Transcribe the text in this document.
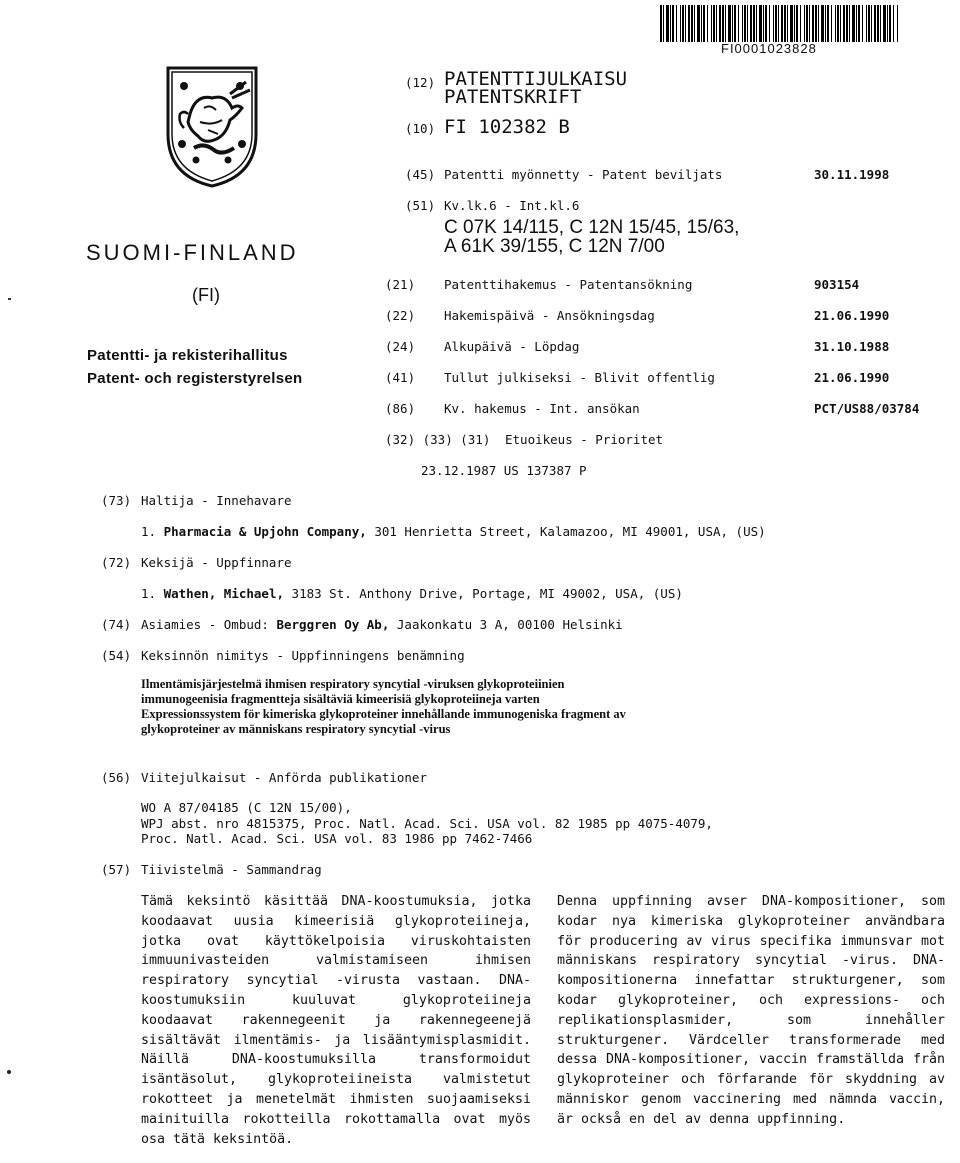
FI0001023828
SUOMI-FINLAND
(FI)
Patentti- ja rekisterihallitus
Patent- och registerstyrelsen
(12) PATENTTIJULKAISU
PATENTSKRIFT
(10) FI 102382 B
(45) Patentti myönnetty - Patent beviljats	30.11.1998
(51) Kv.lk.6 - Int.kl.6
C 07K 14/115, C 12N 15/45, 15/63,
A 61K 39/155, C 12N 7/00
(21) Patenttihakemus - Patentansökning	903154
(22) Hakemispäivä - Ansökningsdag	21.06.1990
(24) Alkupäivä - Löpdag	31.10.1988
(41) Tullut julkiseksi - Blivit offentlig	21.06.1990
(86) Kv. hakemus - Int. ansökan	PCT/US88/03784
(32) (33) (31) Etuoikeus - Prioritet
23.12.1987 US 137387 P
(73) Haltija - Innehavare
1. Pharmacia & Upjohn Company, 301 Henrietta Street, Kalamazoo, MI 49001, USA, (US)
(72) Keksijä - Uppfinnare
1. Wathen, Michael, 3183 St. Anthony Drive, Portage, MI 49002, USA, (US)
(74) Asiamies - Ombud: Berggren Oy Ab, Jaakonkatu 3 A, 00100 Helsinki
(54) Keksinnön nimitys - Uppfinningens benämning
Ilmentämisjärjestelmä ihmisen respiratory syncytial -viruksen glykoproteiinien
immunogeenisia fragmentteja sisältäviä kimeerisiä glykoproteiineja varten
Expressionssystem för kimeriska glykoproteiner innehållande immunogeniska fragment av
glykoproteiner av människans respiratory syncytial -virus
(56) Viitejulkaisut - Anförda publikationer
WO A 87/04185 (C 12N 15/00),
WPJ abst. nro 4815375, Proc. Natl. Acad. Sci. USA vol. 82 1985 pp 4075-4079,
Proc. Natl. Acad. Sci. USA vol. 83 1986 pp 7462-7466
(57) Tiivistelmä - Sammandrag
Tämä keksintö käsittää DNA-koostumuksia, jotka koodaavat uusia kimeerisiä glykoproteiineja, jotka ovat käyttökelpoisia viruskohtaisten immuunivasteiden valmistamiseen ihmisen respiratory syncytial -virusta vastaan. DNA-koostumuksiin kuuluvat glykoproteiineja koodaavat rakennegeenit ja rakennegeenejä sisältävät ilmentämis- ja lisääntymisplasmidit. Näillä DNA-koostumuksilla transformoidut isäntäsolut, glykoproteiineista valmistetut rokotteet ja menetelmät ihmisten suojaamiseksi mainituilla rokotteilla rokottamalla ovat myös osa tätä keksintöä.
Denna uppfinning avser DNA-kompositioner, som kodar nya kimeriska glykoproteiner användbara för producering av virus specifika immunsvar mot människans respiratory syncytial -virus. DNA-kompositionerna innefattar strukturgener, som kodar glykoproteiner, och expressions- och replikationsplasmider, som innehåller strukturgener. Värdceller transformerade med dessa DNA-kompositioner, vaccin framställda från glykoproteiner och förfarande för skyddning av människor genom vaccinering med nämnda vaccin, är också en del av denna uppfinning.
